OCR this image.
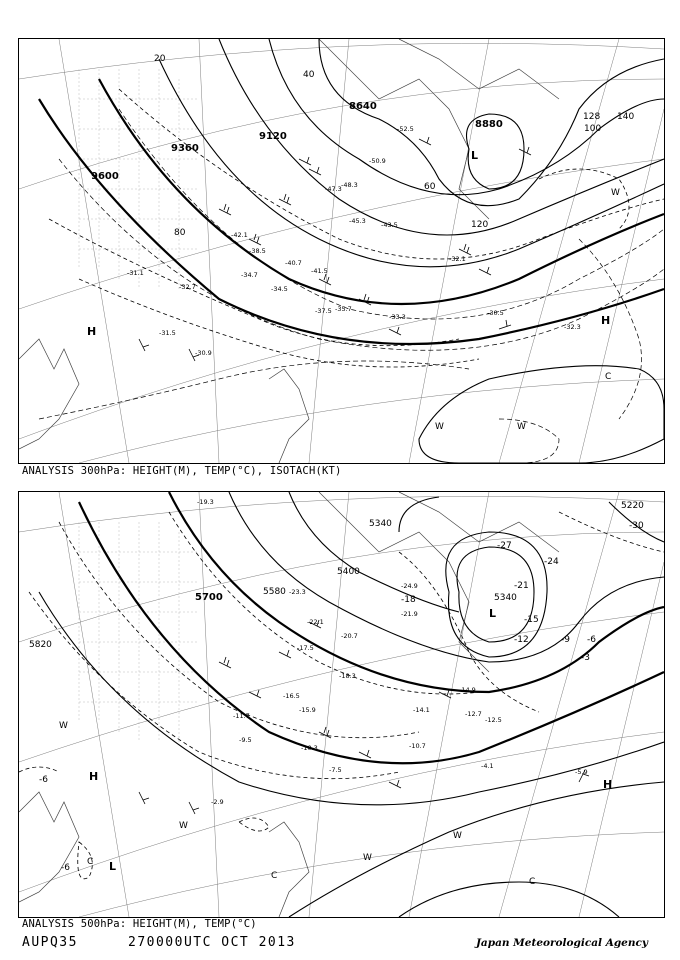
9600
9360
9120
8880
8640
20
40
60
80
120
128 140
100
-52.5
-50.9
-48.3
-47.3
-45.3 -43.5
-42.1
-41.5
-40.7
-38.5
-37.5 -35.7
-34.7
-34.5
-33.3
-32.7
-32.3
-32.1
-31.5
-31.1
-30.9
-30.5
H
L
H
C
W	W
W
ANALYSIS 300hPa: HEIGHT(M), TEMP(°C), ISOTACH(KT)
5820
5700	5580
5400
5340
5340
5220
-30
-27
-24
-21
-18
-15
-12	-9 -6
-3
-6
-6
-24.9
-23.3
-22.1
-21.9
-20.7
-19.3
-18.3
-17.5
-16.5
-15.9
-14.9
-14.1	-12.7
-12.5
-11.7
-10.7
-10.3
-9.5
-7.5	-5.9
-4.1
-2.9
L
H
C
W
W
L
C
W
H
W
C
ANALYSIS 500hPa: HEIGHT(M), TEMP(°C)
AUPQ35	270000UTC OCT 2013	Japan Meteorological Agency
